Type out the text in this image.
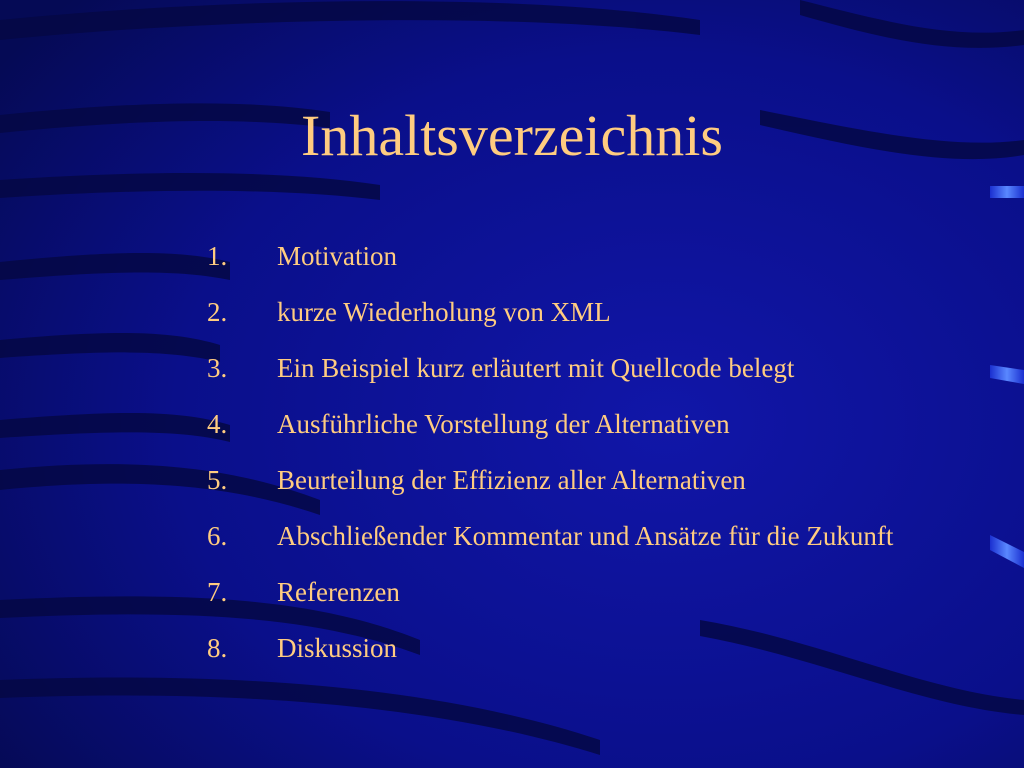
Inhaltsverzeichnis
1.	Motivation
2.	kurze Wiederholung von XML
3.	Ein Beispiel kurz erläutert mit Quellcode belegt
4.	Ausführliche Vorstellung der Alternativen
5.	Beurteilung der Effizienz aller Alternativen
6.	Abschließender Kommentar und Ansätze für die Zukunft
7.	Referenzen
8.	Diskussion
